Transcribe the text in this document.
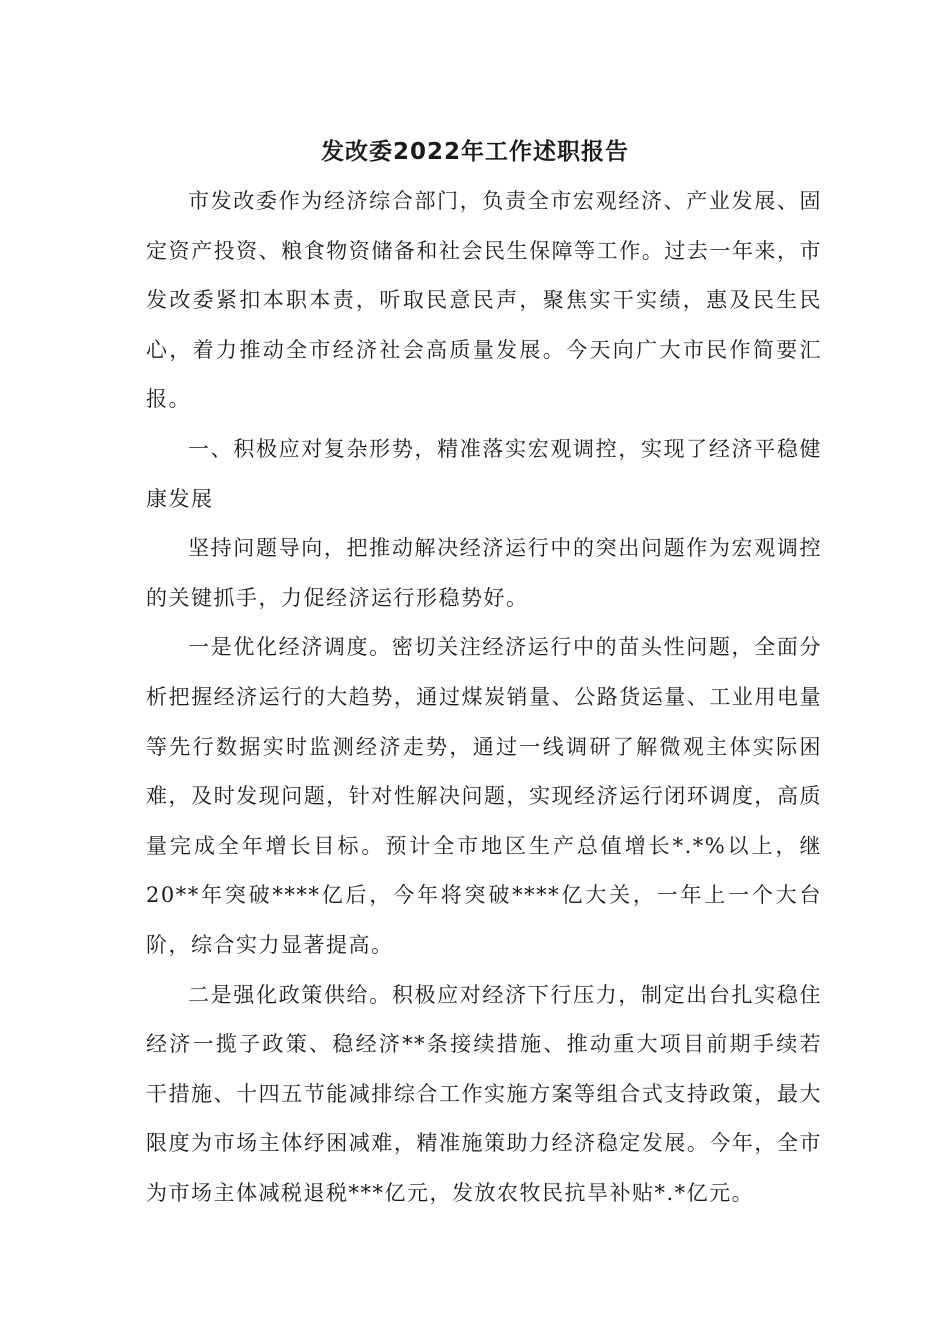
发改委2022年工作述职报告

市发改委作为经济综合部门，负责全市宏观经济、产业发展、固定资产投资、粮食物资储备和社会民生保障等工作。过去一年来，市发改委紧扣本职本责，听取民意民声，聚焦实干实绩，惠及民生民心，着力推动全市经济社会高质量发展。今天向广大市民作简要汇报。

一、积极应对复杂形势，精准落实宏观调控，实现了经济平稳健康发展

坚持问题导向，把推动解决经济运行中的突出问题作为宏观调控的关键抓手，力促经济运行形稳势好。

一是优化经济调度。密切关注经济运行中的苗头性问题，全面分析把握经济运行的大趋势，通过煤炭销量、公路货运量、工业用电量等先行数据实时监测经济走势，通过一线调研了解微观主体实际困难，及时发现问题，针对性解决问题，实现经济运行闭环调度，高质量完成全年增长目标。预计全市地区生产总值增长*.*%以上，继20**年突破****亿后，今年将突破****亿大关，一年上一个大台阶，综合实力显著提高。

二是强化政策供给。积极应对经济下行压力，制定出台扎实稳住经济一揽子政策、稳经济**条接续措施、推动重大项目前期手续若干措施、十四五节能减排综合工作实施方案等组合式支持政策，最大限度为市场主体纾困减难，精准施策助力经济稳定发展。今年，全市为市场主体减税退税***亿元，发放农牧民抗旱补贴*.*亿元。
